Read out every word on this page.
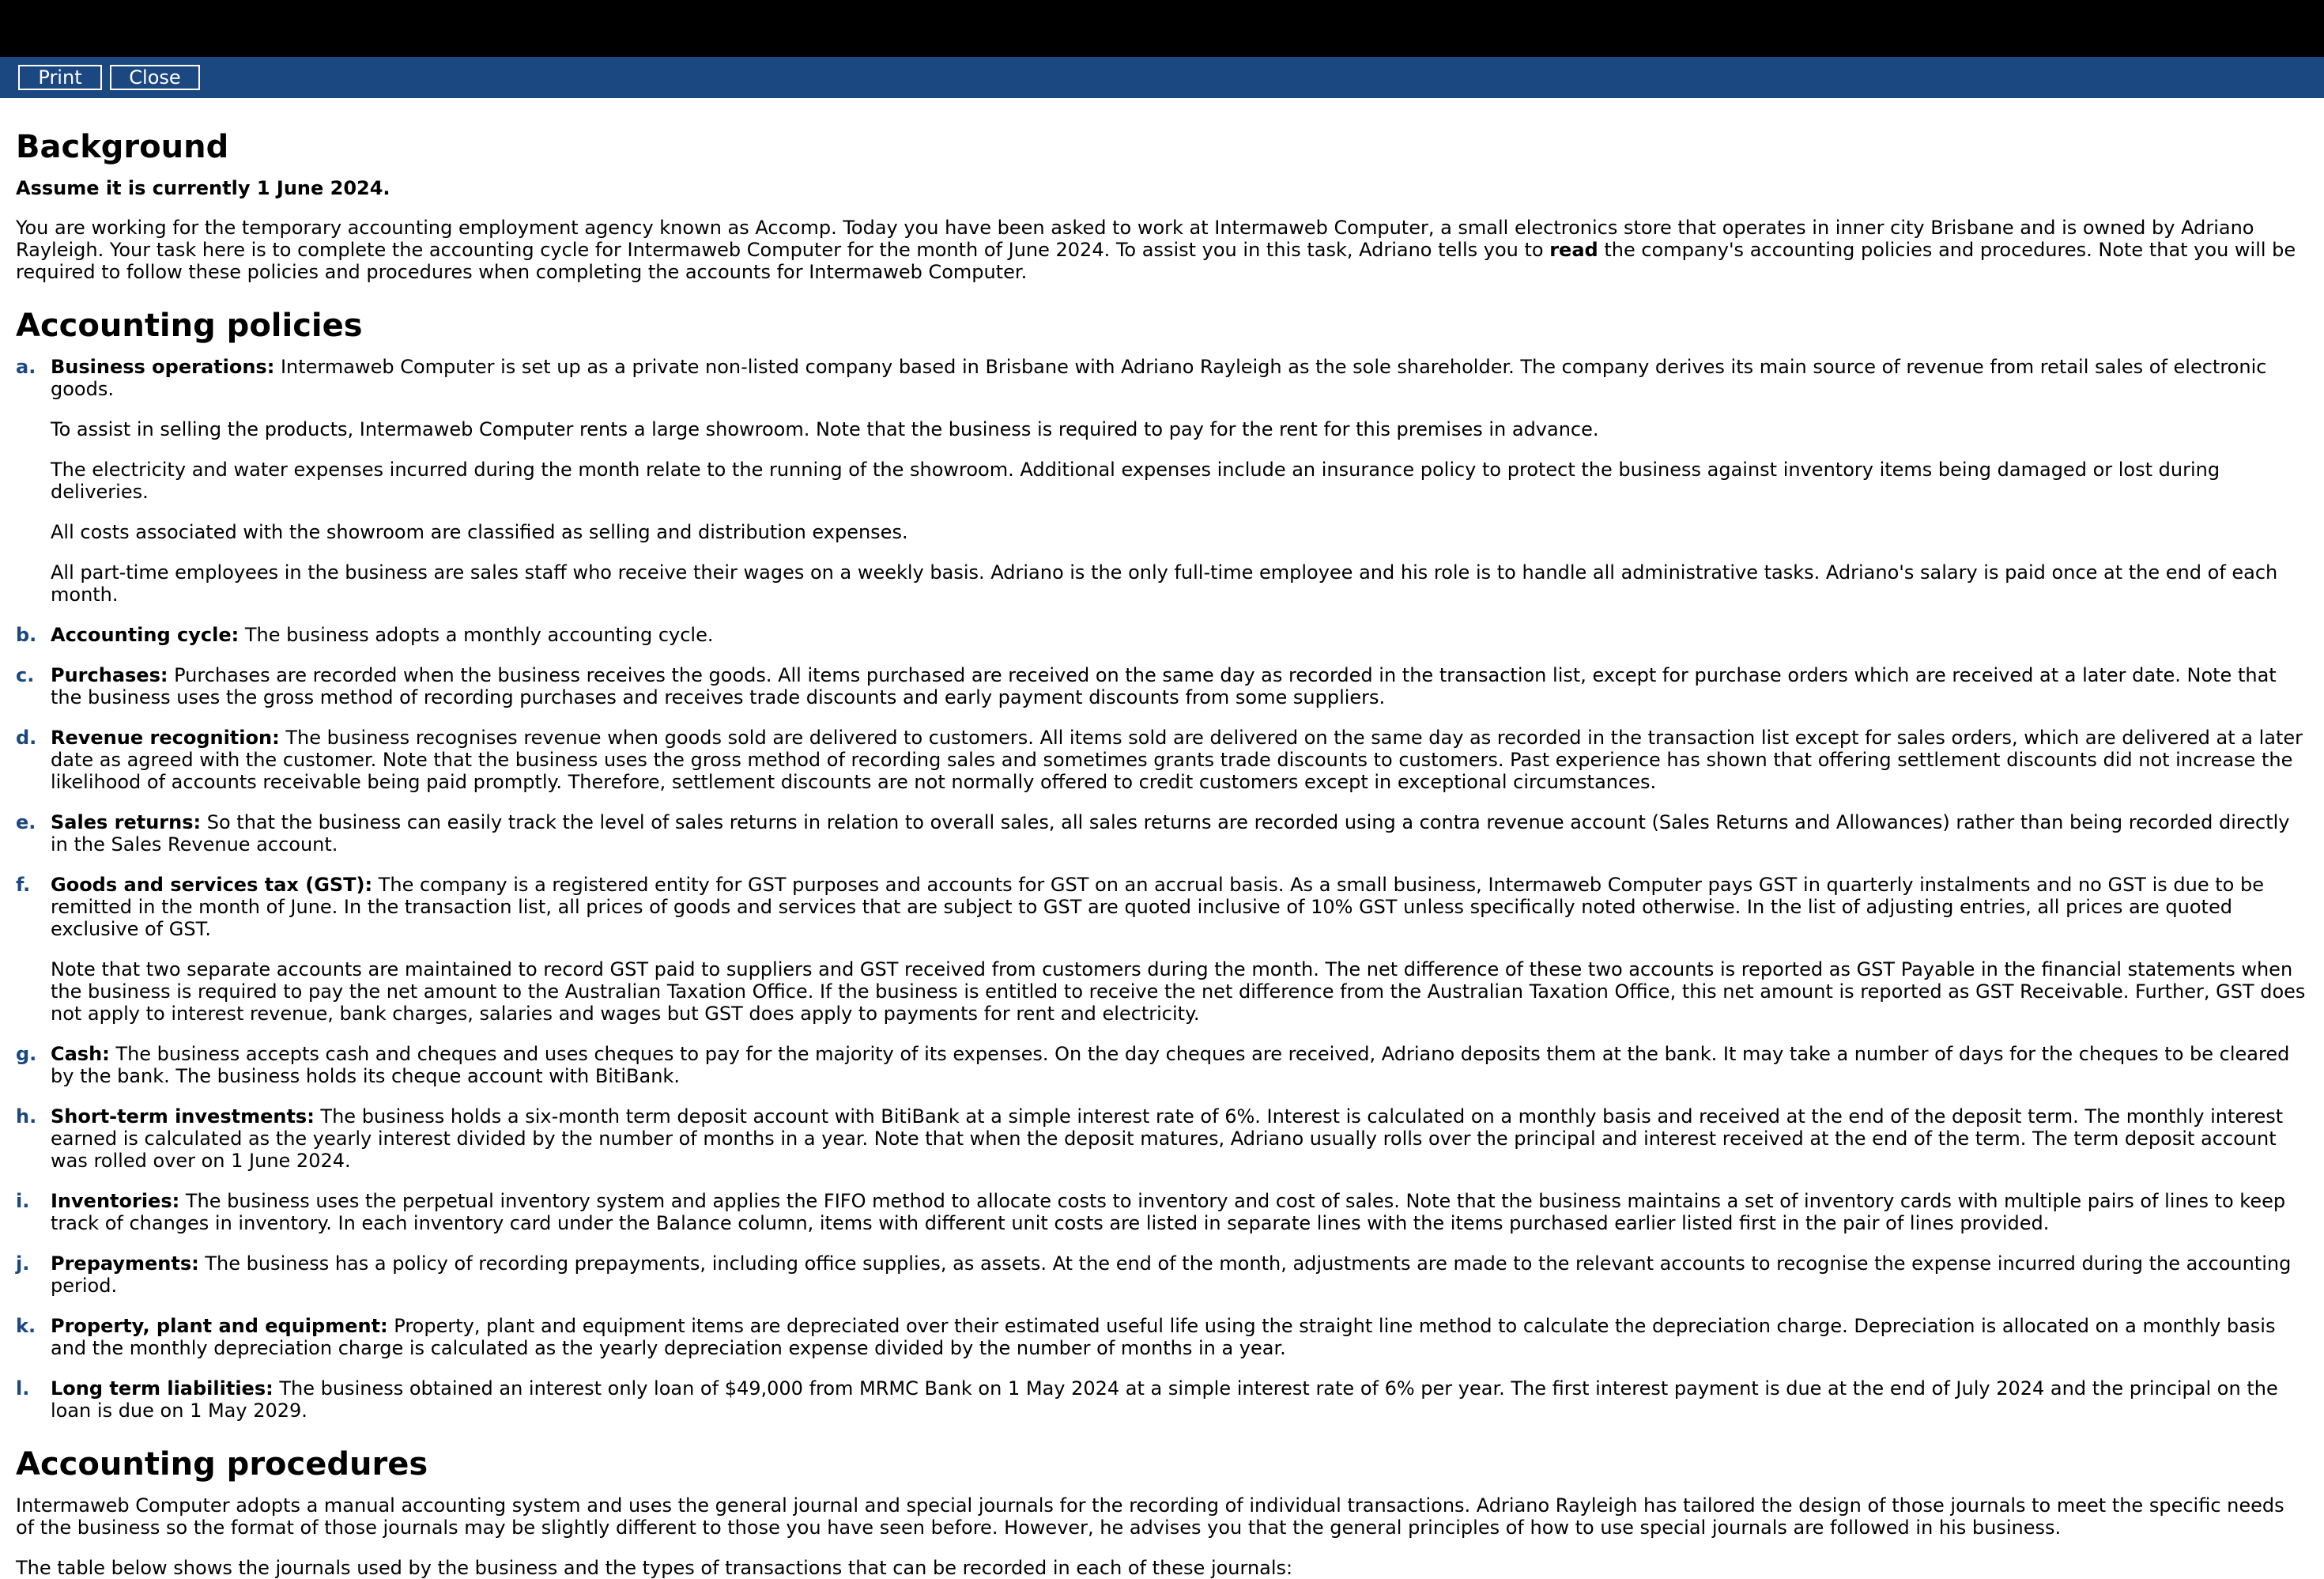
Print	Close
Background

Assume it is currently 1 June 2024.

You are working for the temporary accounting employment agency known as Accomp. Today you have been asked to work at Intermaweb Computer, a small electronics store that operates in inner city Brisbane and is owned by Adriano Rayleigh. Your task here is to complete the accounting cycle for Intermaweb Computer for the month of June 2024. To assist you in this task, Adriano tells you to read the company's accounting policies and procedures. Note that you will be required to follow these policies and procedures when completing the accounts for Intermaweb Computer.

Accounting policies
a. Business operations: Intermaweb Computer is set up as a private non-listed company based in Brisbane with Adriano Rayleigh as the sole shareholder. The company derives its main source of revenue from retail sales of electronic goods.

To assist in selling the products, Intermaweb Computer rents a large showroom. Note that the business is required to pay for the rent for this premises in advance.

The electricity and water expenses incurred during the month relate to the running of the showroom. Additional expenses include an insurance policy to protect the business against inventory items being damaged or lost during deliveries.

All costs associated with the showroom are classified as selling and distribution expenses.

All part-time employees in the business are sales staff who receive their wages on a weekly basis. Adriano is the only full-time employee and his role is to handle all administrative tasks. Adriano's salary is paid once at the end of each month.

b. Accounting cycle: The business adopts a monthly accounting cycle.

c. Purchases: Purchases are recorded when the business receives the goods. All items purchased are received on the same day as recorded in the transaction list, except for purchase orders which are received at a later date. Note that the business uses the gross method of recording purchases and receives trade discounts and early payment discounts from some suppliers.

d. Revenue recognition: The business recognises revenue when goods sold are delivered to customers. All items sold are delivered on the same day as recorded in the transaction list except for sales orders, which are delivered at a later date as agreed with the customer. Note that the business uses the gross method of recording sales and sometimes grants trade discounts to customers. Past experience has shown that offering settlement discounts did not increase the likelihood of accounts receivable being paid promptly. Therefore, settlement discounts are not normally offered to credit customers except in exceptional circumstances.

e. Sales returns: So that the business can easily track the level of sales returns in relation to overall sales, all sales returns are recorded using a contra revenue account (Sales Returns and Allowances) rather than being recorded directly in the Sales Revenue account.

f.	Goods and services tax (GST): The company is a registered entity for GST purposes and accounts for GST on an accrual basis. As a small business, Intermaweb Computer pays GST in quarterly instalments and no GST is due to be remitted in the month of June. In the transaction list, all prices of goods and services that are subject to GST are quoted inclusive of 10% GST unless specifically noted otherwise. In the list of adjusting entries, all prices are quoted exclusive of GST.

Note that two separate accounts are maintained to record GST paid to suppliers and GST received from customers during the month. The net difference of these two accounts is reported as GST Payable in the financial statements when the business is required to pay the net amount to the Australian Taxation Office. If the business is entitled to receive the net difference from the Australian Taxation Office, this net amount is reported as GST Receivable. Further, GST does not apply to interest revenue, bank charges, salaries and wages but GST does apply to payments for rent and electricity.

g. Cash: The business accepts cash and cheques and uses cheques to pay for the majority of its expenses. On the day cheques are received, Adriano deposits them at the bank. It may take a number of days for the cheques to be cleared by the bank. The business holds its cheque account with BitiBank.

h. Short-term investments: The business holds a six-month term deposit account with BitiBank at a simple interest rate of 6%. Interest is calculated on a monthly basis and received at the end of the deposit term. The monthly interest earned is calculated as the yearly interest divided by the number of months in a year. Note that when the deposit matures, Adriano usually rolls over the principal and interest received at the end of the term. The term deposit account was rolled over on 1 June 2024.

i.	Inventories: The business uses the perpetual inventory system and applies the FIFO method to allocate costs to inventory and cost of sales. Note that the business maintains a set of inventory cards with multiple pairs of lines to keep track of changes in inventory. In each inventory card under the Balance column, items with different unit costs are listed in separate lines with the items purchased earlier listed first in the pair of lines provided.

j.	Prepayments: The business has a policy of recording prepayments, including office supplies, as assets. At the end of the month, adjustments are made to the relevant accounts to recognise the expense incurred during the accounting period.

k. Property, plant and equipment: Property, plant and equipment items are depreciated over their estimated useful life using the straight line method to calculate the depreciation charge. Depreciation is allocated on a monthly basis and the monthly depreciation charge is calculated as the yearly depreciation expense divided by the number of months in a year.

l.	Long term liabilities: The business obtained an interest only loan of $49,000 from MRMC Bank on 1 May 2024 at a simple interest rate of 6% per year. The first interest payment is due at the end of July 2024 and the principal on the loan is due on 1 May 2029.

Accounting procedures

Intermaweb Computer adopts a manual accounting system and uses the general journal and special journals for the recording of individual transactions. Adriano Rayleigh has tailored the design of those journals to meet the specific needs of the business so the format of those journals may be slightly different to those you have seen before. However, he advises you that the general principles of how to use special journals are followed in his business.

The table below shows the journals used by the business and the types of transactions that can be recorded in each of these journals:
